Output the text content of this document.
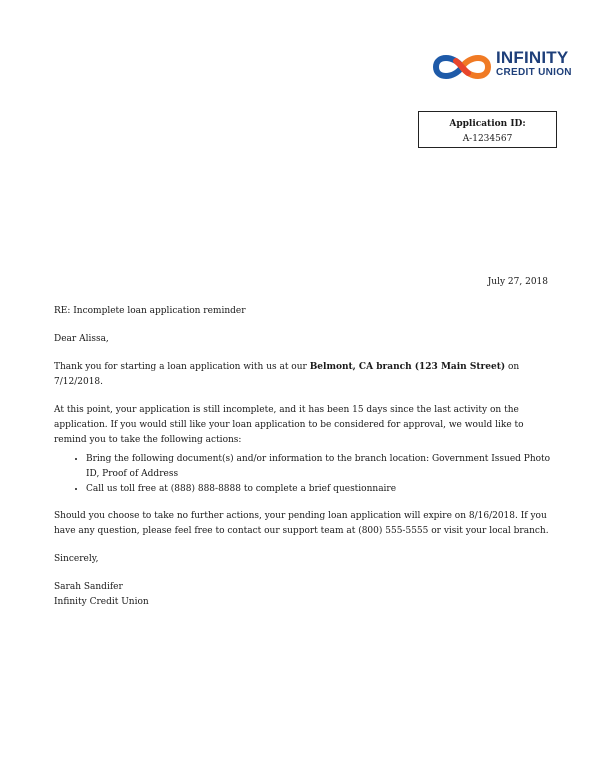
INFINITY
CREDIT UNION
Application ID:
A-1234567
July 27, 2018

RE: Incomplete loan application reminder

Dear Alissa,

Thank you for starting a loan application with us at our Belmont, CA branch (123 Main Street) on 7/12/2018.

At this point, your application is still incomplete, and it has been 15 days since the last activity on the application. If you would still like your loan application to be considered for approval, we would like to remind you to take the following actions:

• Bring the following document(s) and/or information to the branch location: Government Issued Photo ID, Proof of Address
• Call us toll free at (888) 888-8888 to complete a brief questionnaire

Should you choose to take no further actions, your pending loan application will expire on 8/16/2018. If you have any question, please feel free to contact our support team at (800) 555-5555 or visit your local branch.

Sincerely,

Sarah Sandifer
Infinity Credit Union
